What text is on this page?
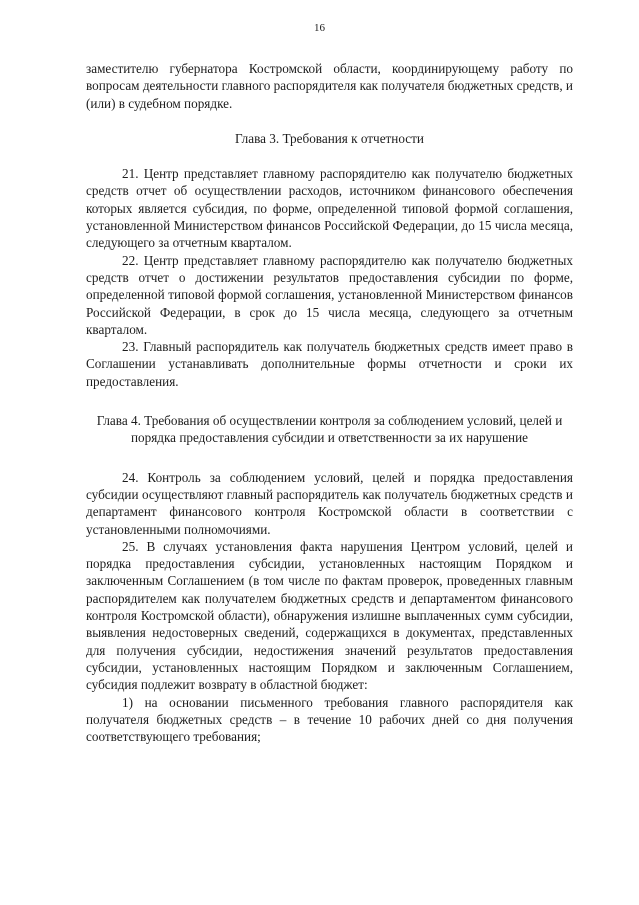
16

заместителю губернатора Костромской области, координирующему работу по вопросам деятельности главного распорядителя как получателя бюджетных средств, и (или) в судебном порядке.

Глава 3. Требования к отчетности

21. Центр представляет главному распорядителю как получателю бюджетных средств отчет об осуществлении расходов, источником финансового обеспечения которых является субсидия, по форме, определенной типовой формой соглашения, установленной Министерством финансов Российской Федерации, до 15 числа месяца, следующего за отчетным кварталом.

22. Центр представляет главному распорядителю как получателю бюджетных средств отчет о достижении результатов предоставления субсидии по форме, определенной типовой формой соглашения, установленной Министерством финансов Российской Федерации, в срок до 15 числа месяца, следующего за отчетным кварталом.

23. Главный распорядитель как получатель бюджетных средств имеет право в Соглашении устанавливать дополнительные формы отчетности и сроки их предоставления.

Глава 4. Требования об осуществлении контроля за соблюдением условий, целей и порядка предоставления субсидии и ответственности за их нарушение

24. Контроль за соблюдением условий, целей и порядка предоставления субсидии осуществляют главный распорядитель как получатель бюджетных средств и департамент финансового контроля Костромской области в соответствии с установленными полномочиями.

25. В случаях установления факта нарушения Центром условий, целей и порядка предоставления субсидии, установленных настоящим Порядком и заключенным Соглашением (в том числе по фактам проверок, проведенных главным распорядителем как получателем бюджетных средств и департаментом финансового контроля Костромской области), обнаружения излишне выплаченных сумм субсидии, выявления недостоверных сведений, содержащихся в документах, представленных для получения субсидии, недостижения значений результатов предоставления субсидии, установленных настоящим Порядком и заключенным Соглашением, субсидия подлежит возврату в областной бюджет:

1) на основании письменного требования главного распорядителя как получателя бюджетных средств – в течение 10 рабочих дней со дня получения соответствующего требования;
